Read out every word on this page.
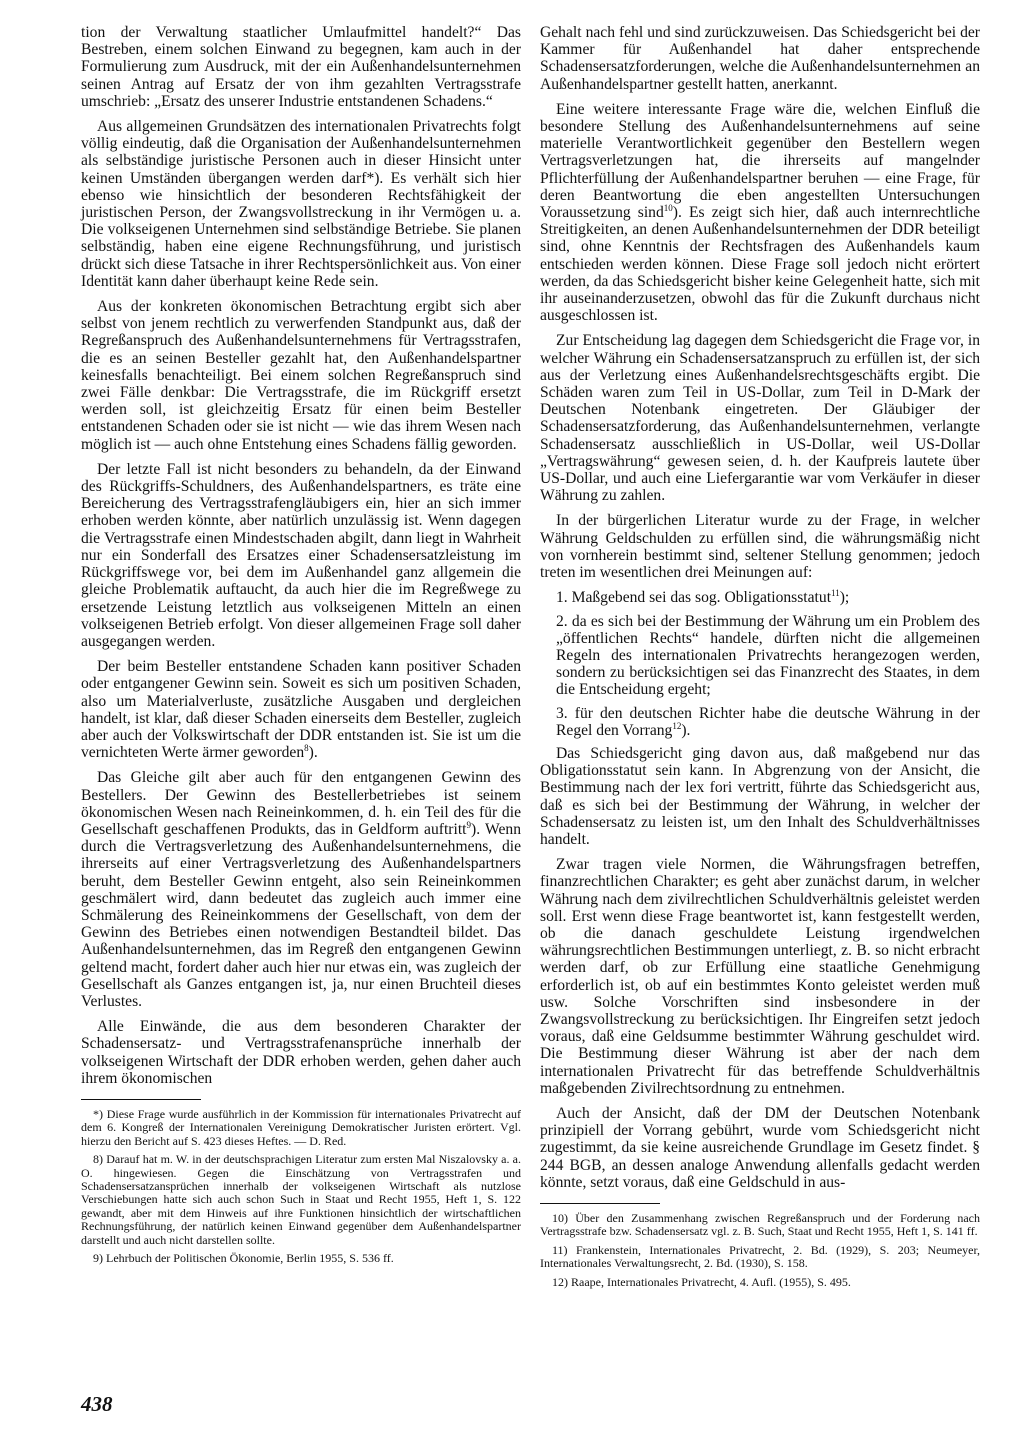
tion der Verwaltung staatlicher Umlaufmittel handelt?“ Das Bestreben, einem solchen Einwand zu begegnen, kam auch in der Formulierung zum Ausdruck, mit der ein Außenhandelsunternehmen seinen Antrag auf Ersatz der von ihm gezahlten Vertragsstrafe umschrieb: „Ersatz des unserer Industrie entstandenen Schadens.“

Aus allgemeinen Grundsätzen des internationalen Privatrechts folgt völlig eindeutig, daß die Organisation der Außenhandelsunternehmen als selbständige juristische Personen auch in dieser Hinsicht unter keinen Umständen übergangen werden darf*). Es verhält sich hier ebenso wie hinsichtlich der besonderen Rechtsfähigkeit der juristischen Person, der Zwangsvollstreckung in ihr Vermögen u. a. Die volkseigenen Unternehmen sind selbständige Betriebe. Sie planen selbständig, haben eine eigene Rechnungsführung, und juristisch drückt sich diese Tatsache in ihrer Rechtspersönlichkeit aus. Von einer Identität kann daher überhaupt keine Rede sein.

Aus der konkreten ökonomischen Betrachtung ergibt sich aber selbst von jenem rechtlich zu verwerfenden Standpunkt aus, daß der Regreßanspruch des Außenhandelsunternehmens für Vertragsstrafen, die es an seinen Besteller gezahlt hat, den Außenhandelspartner keinesfalls benachteiligt. Bei einem solchen Regreßanspruch sind zwei Fälle denkbar: Die Vertragsstrafe, die im Rückgriff ersetzt werden soll, ist gleichzeitig Ersatz für einen beim Besteller entstandenen Schaden oder sie ist nicht — wie das ihrem Wesen nach möglich ist — auch ohne Entstehung eines Schadens fällig geworden.

Der letzte Fall ist nicht besonders zu behandeln, da der Einwand des Rückgriffs-Schuldners, des Außenhandelspartners, es träte eine Bereicherung des Vertragsstrafengläubigers ein, hier an sich immer erhoben werden könnte, aber natürlich unzulässig ist. Wenn dagegen die Vertragsstrafe einen Mindestschaden abgilt, dann liegt in Wahrheit nur ein Sonderfall des Ersatzes einer Schadensersatzleistung im Rückgriffswege vor, bei dem im Außenhandel ganz allgemein die gleiche Problematik auftaucht, da auch hier die im Regreßwege zu ersetzende Leistung letztlich aus volkseigenen Mitteln an einen volkseigenen Betrieb erfolgt. Von dieser allgemeinen Frage soll daher ausgegangen werden.

Der beim Besteller entstandene Schaden kann positiver Schaden oder entgangener Gewinn sein. Soweit es sich um positiven Schaden, also um Materialverluste, zusätzliche Ausgaben und dergleichen handelt, ist klar, daß dieser Schaden einerseits dem Besteller, zugleich aber auch der Volkswirtschaft der DDR entstanden ist. Sie ist um die vernichteten Werte ärmer geworden$^8$).

Das Gleiche gilt aber auch für den entgangenen Gewinn des Bestellers. Der Gewinn des Bestellerbetriebes ist seinem ökonomischen Wesen nach Reineinkommen, d. h. ein Teil des für die Gesellschaft geschaffenen Produkts, das in Geldform auftritt$^9$). Wenn durch die Vertragsverletzung des Außenhandelsunternehmens, die ihrerseits auf einer Vertragsverletzung des Außenhandelspartners beruht, dem Besteller Gewinn entgeht, also sein Reineinkommen geschmälert wird, dann bedeutet das zugleich auch immer eine Schmälerung des Reineinkommens der Gesellschaft, von dem der Gewinn des Betriebes einen notwendigen Bestandteil bildet. Das Außenhandelsunternehmen, das im Regreß den entgangenen Gewinn geltend macht, fordert daher auch hier nur etwas ein, was zugleich der Gesellschaft als Ganzes entgangen ist, ja, nur einen Bruchteil dieses Verlustes.

Alle Einwände, die aus dem besonderen Charakter der Schadensersatz- und Vertragsstrafenansprüche innerhalb der volkseigenen Wirtschaft der DDR erhoben werden, gehen daher auch ihrem ökonomischen

*) Diese Frage wurde ausführlich in der Kommission für internationales Privatrecht auf dem 6. Kongreß der Internationalen Vereinigung Demokratischer Juristen erörtert. Vgl. hierzu den Bericht auf S. 423 dieses Heftes. — D. Red.

8) Darauf hat m. W. in der deutschsprachigen Literatur zum ersten Mal Niszalovsky a. a. O. hingewiesen. Gegen die Einschätzung von Vertragsstrafen und Schadensersatzansprüchen innerhalb der volkseigenen Wirtschaft als nutzlose Verschiebungen hatte sich auch schon Such in Staat und Recht 1955, Heft 1, S. 122 gewandt, aber mit dem Hinweis auf ihre Funktionen hinsichtlich der wirtschaftlichen Rechnungsführung, der natürlich keinen Einwand gegenüber dem Außenhandelspartner darstellt und auch nicht darstellen sollte.

9) Lehrbuch der Politischen Ökonomie, Berlin 1955, S. 536 ff.

Gehalt nach fehl und sind zurückzuweisen. Das Schiedsgericht bei der Kammer für Außenhandel hat daher entsprechende Schadensersatzforderungen, welche die Außenhandelsunternehmen an Außenhandelspartner gestellt hatten, anerkannt.

Eine weitere interessante Frage wäre die, welchen Einfluß die besondere Stellung des Außenhandelsunternehmens auf seine materielle Verantwortlichkeit gegenüber den Bestellern wegen Vertragsverletzungen hat, die ihrerseits auf mangelnder Pflichterfüllung der Außenhandelspartner beruhen — eine Frage, für deren Beantwortung die eben angestellten Untersuchungen Voraussetzung sind$^{10}$). Es zeigt sich hier, daß auch internrechtliche Streitigkeiten, an denen Außenhandelsunternehmen der DDR beteiligt sind, ohne Kenntnis der Rechtsfragen des Außenhandels kaum entschieden werden können. Diese Frage soll jedoch nicht erörtert werden, da das Schiedsgericht bisher keine Gelegenheit hatte, sich mit ihr auseinanderzusetzen, obwohl das für die Zukunft durchaus nicht ausgeschlossen ist.

Zur Entscheidung lag dagegen dem Schiedsgericht die Frage vor, in welcher Währung ein Schadensersatzanspruch zu erfüllen ist, der sich aus der Verletzung eines Außenhandelsrechtsgeschäfts ergibt. Die Schäden waren zum Teil in US-Dollar, zum Teil in D-Mark der Deutschen Notenbank eingetreten. Der Gläubiger der Schadensersatzforderung, das Außenhandelsunternehmen, verlangte Schadensersatz ausschließlich in US-Dollar, weil US-Dollar „Vertragswährung“ gewesen seien, d. h. der Kaufpreis lautete über US-Dollar, und auch eine Liefergarantie war vom Verkäufer in dieser Währung zu zahlen.

In der bürgerlichen Literatur wurde zu der Frage, in welcher Währung Geldschulden zu erfüllen sind, die währungsmäßig nicht von vornherein bestimmt sind, seltener Stellung genommen; jedoch treten im wesentlichen drei Meinungen auf:

1. Maßgebend sei das sog. Obligationsstatut$^{11}$);

2. da es sich bei der Bestimmung der Währung um ein Problem des „öffentlichen Rechts“ handele, dürften nicht die allgemeinen Regeln des internationalen Privatrechts herangezogen werden, sondern zu berücksichtigen sei das Finanzrecht des Staates, in dem die Entscheidung ergeht;

3. für den deutschen Richter habe die deutsche Währung in der Regel den Vorrang$^{12}$).

Das Schiedsgericht ging davon aus, daß maßgebend nur das Obligationsstatut sein kann. In Abgrenzung von der Ansicht, die Bestimmung nach der lex fori vertritt, führte das Schiedsgericht aus, daß es sich bei der Bestimmung der Währung, in welcher der Schadensersatz zu leisten ist, um den Inhalt des Schuldverhältnisses handelt.

Zwar tragen viele Normen, die Währungsfragen betreffen, finanzrechtlichen Charakter; es geht aber zunächst darum, in welcher Währung nach dem zivilrechtlichen Schuldverhältnis geleistet werden soll. Erst wenn diese Frage beantwortet ist, kann festgestellt werden, ob die danach geschuldete Leistung irgendwelchen währungsrechtlichen Bestimmungen unterliegt, z. B. so nicht erbracht werden darf, ob zur Erfüllung eine staatliche Genehmigung erforderlich ist, ob auf ein bestimmtes Konto geleistet werden muß usw. Solche Vorschriften sind insbesondere in der Zwangsvollstreckung zu berücksichtigen. Ihr Eingreifen setzt jedoch voraus, daß eine Geldsumme bestimmter Währung geschuldet wird. Die Bestimmung dieser Währung ist aber der nach dem internationalen Privatrecht für das betreffende Schuldverhältnis maßgebenden Zivilrechtsordnung zu entnehmen.

Auch der Ansicht, daß der DM der Deutschen Notenbank prinzipiell der Vorrang gebührt, wurde vom Schiedsgericht nicht zugestimmt, da sie keine ausreichende Grundlage im Gesetz findet. § 244 BGB, an dessen analoge Anwendung allenfalls gedacht werden könnte, setzt voraus, daß eine Geldschuld in aus-

10) Über den Zusammenhang zwischen Regreßanspruch und der Forderung nach Vertragsstrafe bzw. Schadensersatz vgl. z. B. Such, Staat und Recht 1955, Heft 1, S. 141 ff.

11) Frankenstein, Internationales Privatrecht, 2. Bd. (1929), S. 203; Neumeyer, Internationales Verwaltungsrecht, 2. Bd. (1930), S. 158.

12) Raape, Internationales Privatrecht, 4. Aufl. (1955), S. 495.

438
